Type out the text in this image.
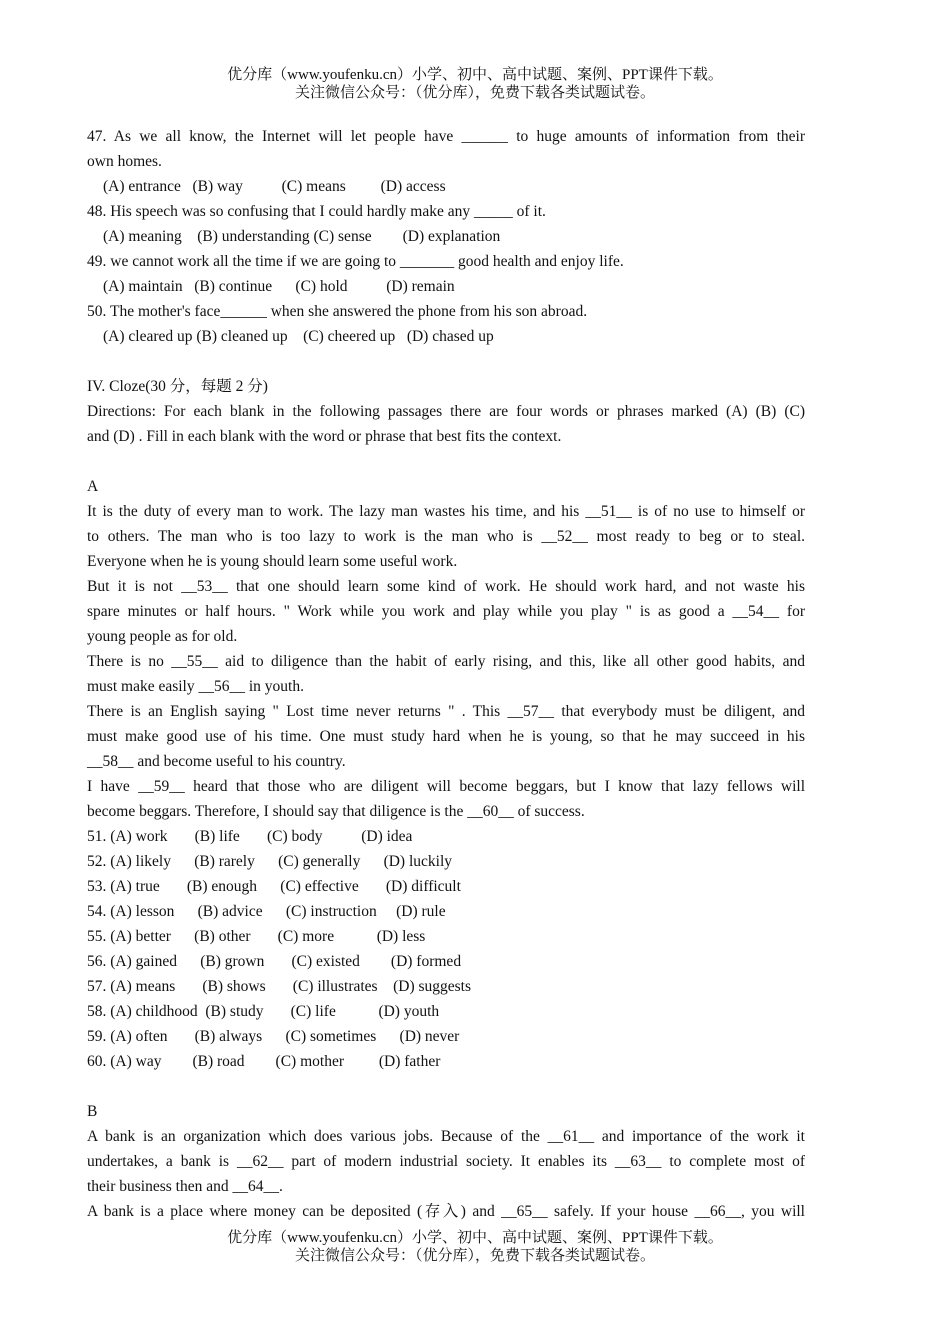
优分库（www.youfenku.cn）小学、初中、高中试题、案例、PPT课件下载。
关注微信公众号：（优分库），免费下载各类试题试卷。
47. As we all know, the Internet will let people have ______ to huge amounts of information from their
own homes.
(A) entrance   (B) way          (C) means         (D) access
48. His speech was so confusing that I could hardly make any _____ of it.
(A) meaning    (B) understanding (C) sense        (D) explanation
49. we cannot work all the time if we are going to _______ good health and enjoy life.
(A) maintain   (B) continue      (C) hold          (D) remain
50. The mother's face______ when she answered the phone from his son abroad.
(A) cleared up (B) cleaned up    (C) cheered up   (D) chased up
IV. Cloze(30 分，每题 2 分)
Directions: For each blank in the following passages there are four words or phrases marked (A) (B) (C)
and (D) . Fill in each blank with the word or phrase that best fits the context.
A
It is the duty of every man to work. The lazy man wastes his time, and his __51__ is of no use to himself or
to others. The man who is too lazy to work is the man who is __52__ most ready to beg or to steal.
Everyone when he is young should learn some useful work.
But it is not __53__ that one should learn some kind of work. He should work hard, and not waste his
spare minutes or half hours. " Work while you work and play while you play " is as good a __54__ for
young people as for old.
There is no __55__ aid to diligence than the habit of early rising, and this, like all other good habits, and
must make easily __56__ in youth.
There is an English saying " Lost time never returns " . This __57__ that everybody must be diligent, and
must make good use of his time. One must study hard when he is young, so that he may succeed in his
__58__ and become useful to his country.
I have __59__ heard that those who are diligent will become beggars, but I know that lazy fellows will
become beggars. Therefore, I should say that diligence is the __60__ of success.
51. (A) work       (B) life       (C) body          (D) idea
52. (A) likely      (B) rarely      (C) generally      (D) luckily
53. (A) true       (B) enough      (C) effective       (D) difficult
54. (A) lesson      (B) advice      (C) instruction     (D) rule
55. (A) better      (B) other       (C) more           (D) less
56. (A) gained      (B) grown       (C) existed        (D) formed
57. (A) means       (B) shows       (C) illustrates    (D) suggests
58. (A) childhood  (B) study       (C) life           (D) youth
59. (A) often       (B) always      (C) sometimes      (D) never
60. (A) way        (B) road        (C) mother         (D) father
B
A bank is an organization which does various jobs. Because of the __61__ and importance of the work it
undertakes, a bank is __62__ part of modern industrial society. It enables its __63__ to complete most of
their business then and __64__.
A bank is a place where money can be deposited (存入) and __65__ safely. If your house __66__, you will
优分库（www.youfenku.cn）小学、初中、高中试题、案例、PPT课件下载。
关注微信公众号：（优分库），免费下载各类试题试卷。
